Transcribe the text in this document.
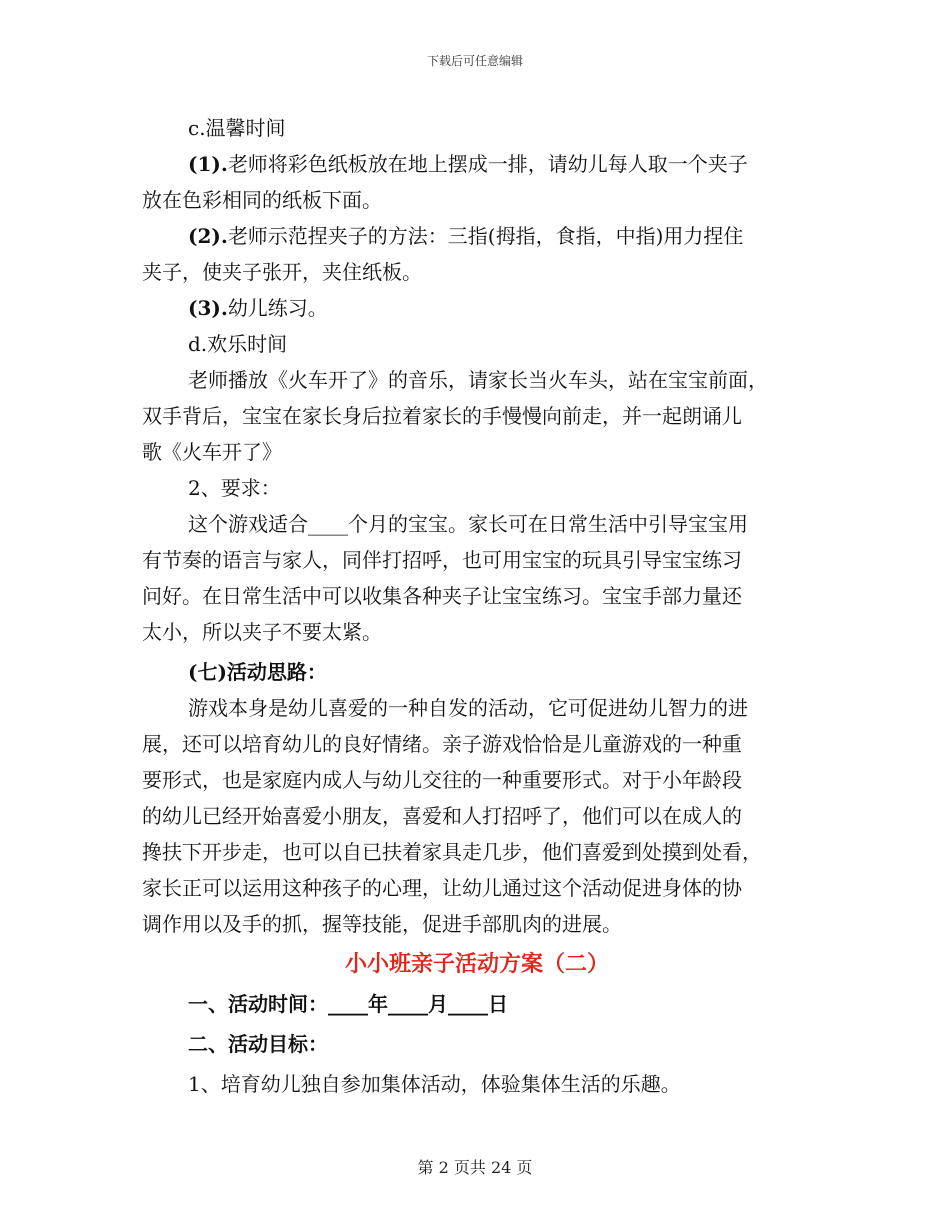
下载后可任意编辑

c.温馨时间

(1).老师将彩色纸板放在地上摆成一排，请幼儿每人取一个夹子

放在色彩相同的纸板下面。

(2).老师示范捏夹子的方法：三指(拇指，食指，中指)用力捏住

夹子，使夹子张开，夹住纸板。

(3).幼儿练习。

d.欢乐时间

老师播放《火车开了》的音乐，请家长当火车头，站在宝宝前面，

双手背后，宝宝在家长身后拉着家长的手慢慢向前走，并一起朗诵儿

歌《火车开了》

2、要求：

这个游戏适合____个月的宝宝。家长可在日常生活中引导宝宝用

有节奏的语言与家人，同伴打招呼，也可用宝宝的玩具引导宝宝练习

问好。在日常生活中可以收集各种夹子让宝宝练习。宝宝手部力量还

太小，所以夹子不要太紧。

(七)活动思路：

游戏本身是幼儿喜爱的一种自发的活动，它可促进幼儿智力的进

展，还可以培育幼儿的良好情绪。亲子游戏恰恰是儿童游戏的一种重

要形式，也是家庭内成人与幼儿交往的一种重要形式。对于小年龄段

的幼儿已经开始喜爱小朋友，喜爱和人打招呼了，他们可以在成人的

搀扶下开步走，也可以自已扶着家具走几步，他们喜爱到处摸到处看，

家长正可以运用这种孩子的心理，让幼儿通过这个活动促进身体的协

调作用以及手的抓，握等技能，促进手部肌肉的进展。

小小班亲子活动方案（二）

一、活动时间：____年____月____日

二、活动目标：

1、培育幼儿独自参加集体活动，体验集体生活的乐趣。

第 2 页共 24 页
